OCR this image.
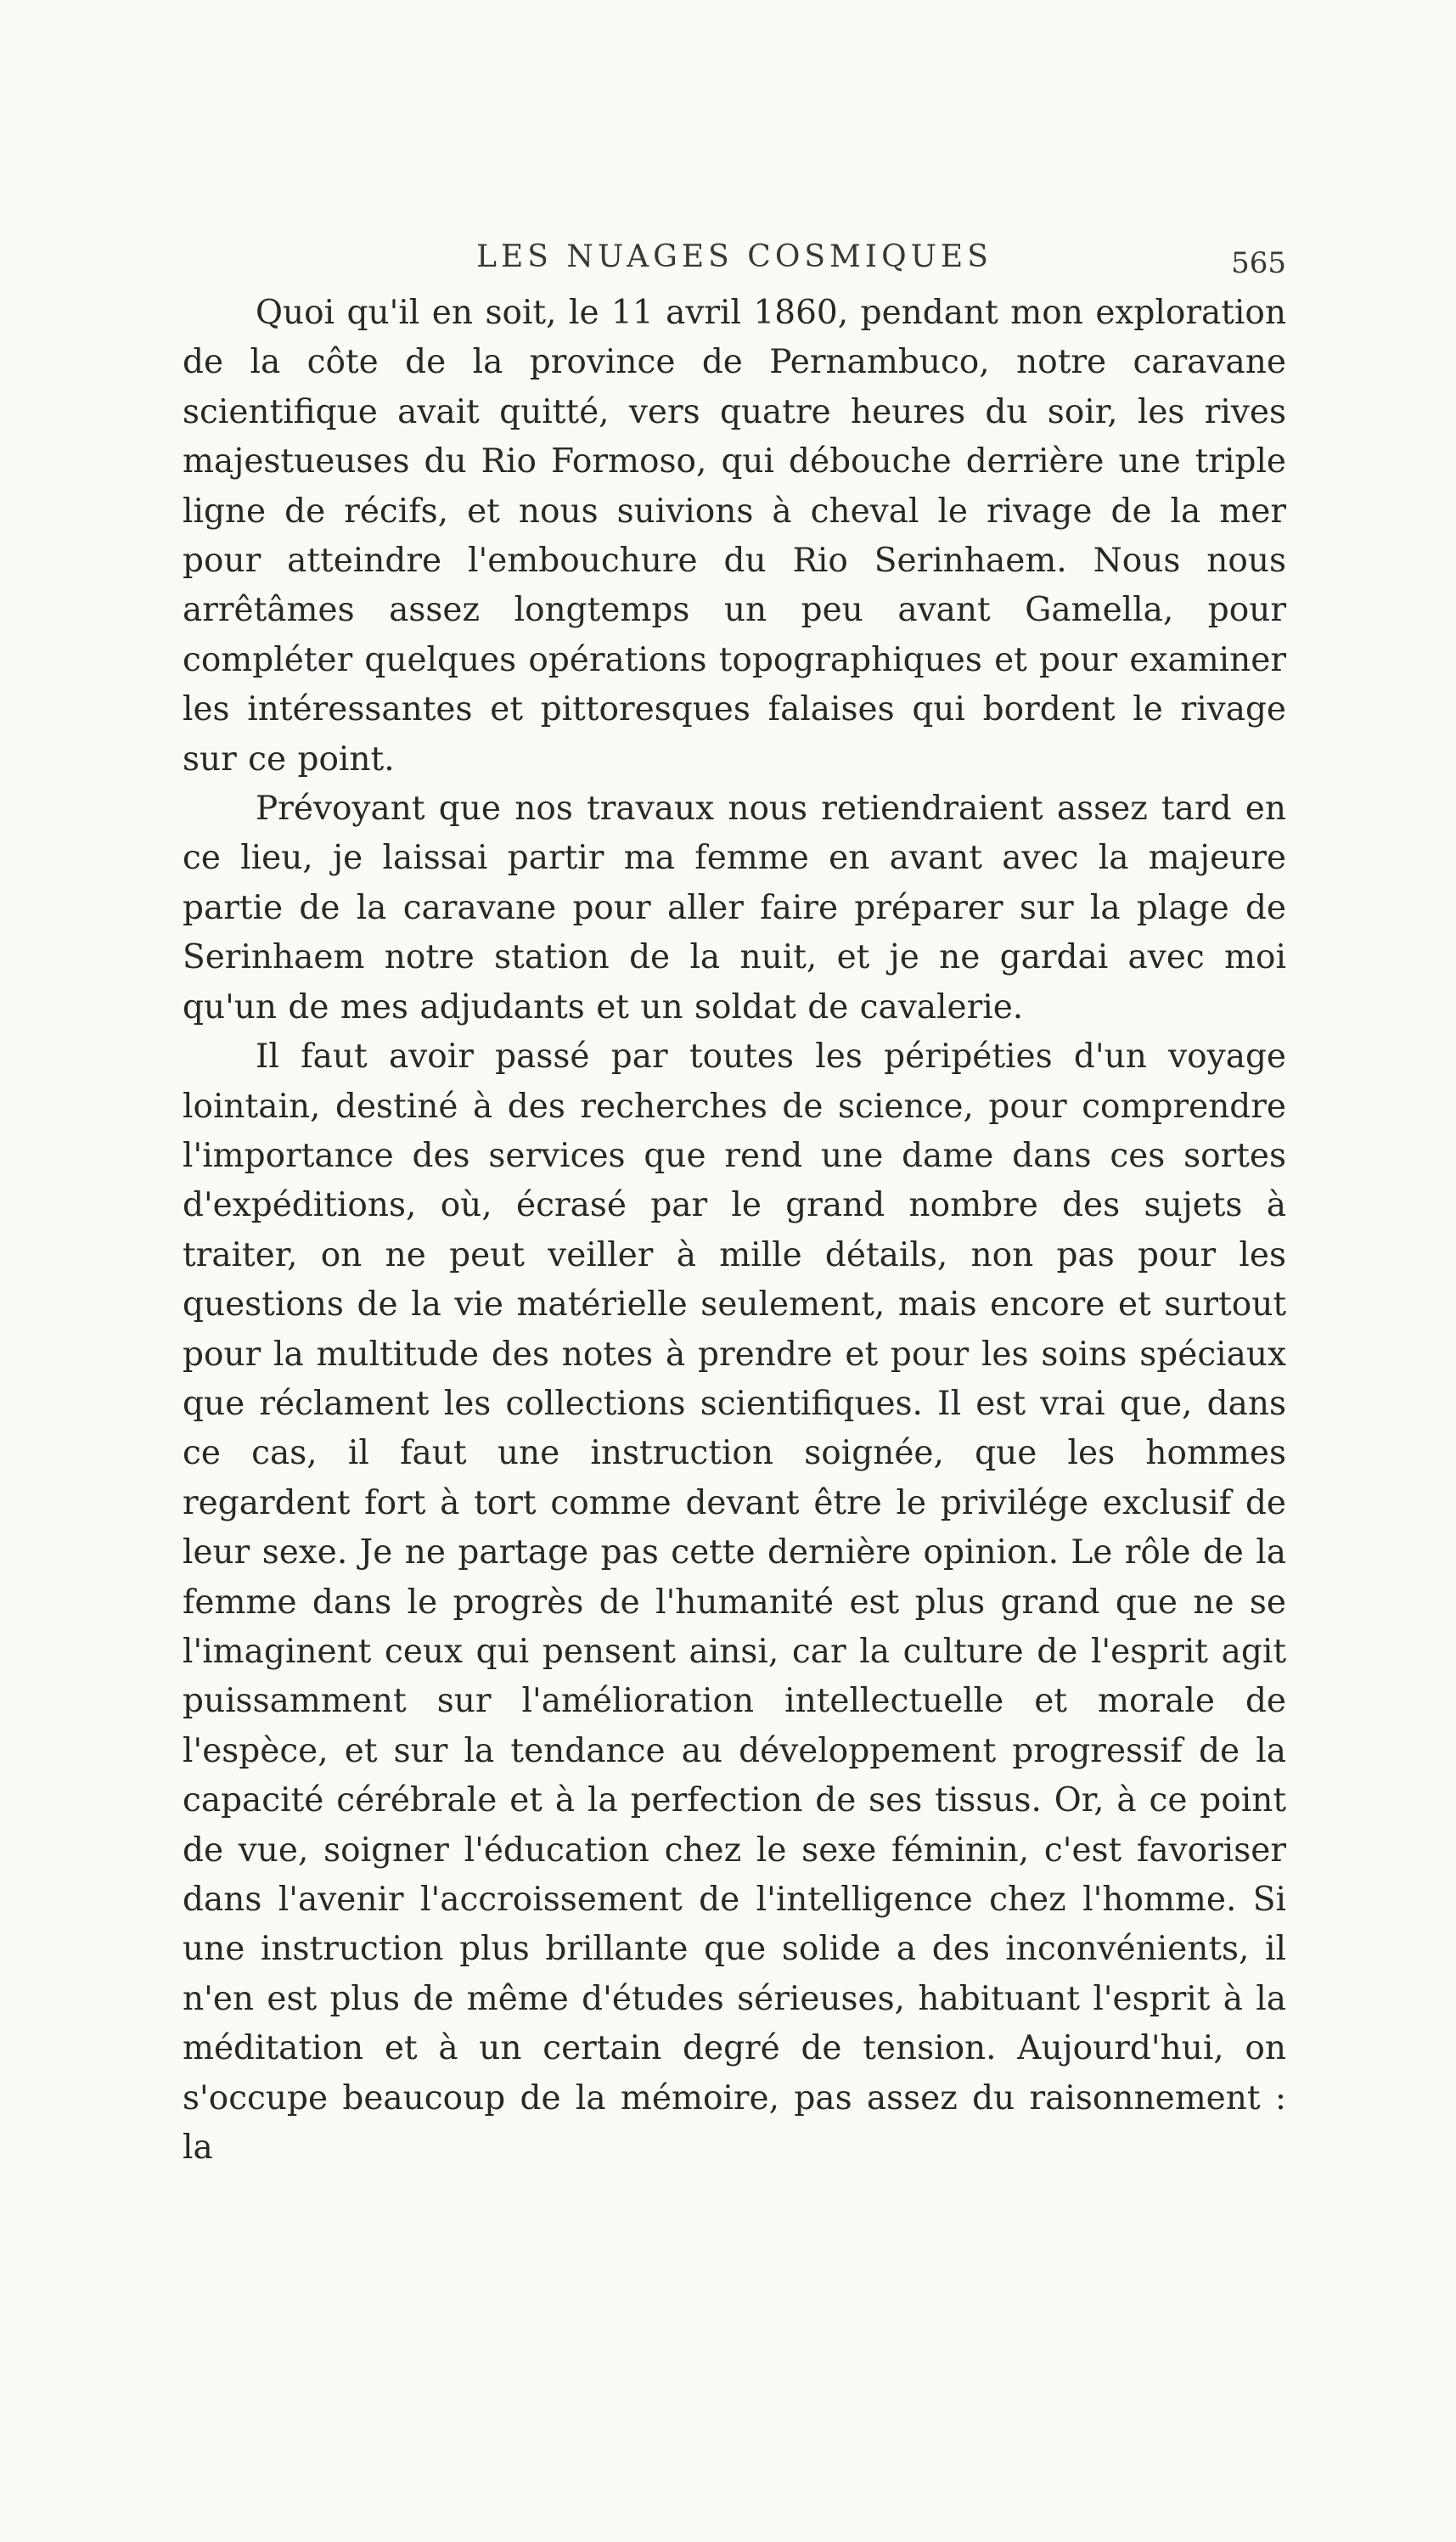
LES NUAGES COSMIQUES	565

Quoi qu'il en soit, le 11 avril 1860, pendant mon exploration de la côte de la province de Pernambuco, notre caravane scientifique avait quitté, vers quatre heures du soir, les rives majestueuses du Rio Formoso, qui débouche derrière une triple ligne de récifs, et nous suivions à cheval le rivage de la mer pour atteindre l'embouchure du Rio Serinhaem. Nous nous arrêtâmes assez longtemps un peu avant Gamella, pour compléter quelques opérations topographiques et pour examiner les intéressantes et pittoresques falaises qui bordent le rivage sur ce point.

Prévoyant que nos travaux nous retiendraient assez tard en ce lieu, je laissai partir ma femme en avant avec la majeure partie de la caravane pour aller faire préparer sur la plage de Serinhaem notre station de la nuit, et je ne gardai avec moi qu'un de mes adjudants et un soldat de cavalerie.

Il faut avoir passé par toutes les péripéties d'un voyage lointain, destiné à des recherches de science, pour comprendre l'importance des services que rend une dame dans ces sortes d'expéditions, où, écrasé par le grand nombre des sujets à traiter, on ne peut veiller à mille détails, non pas pour les questions de la vie matérielle seulement, mais encore et surtout pour la multitude des notes à prendre et pour les soins spéciaux que réclament les collections scientifiques. Il est vrai que, dans ce cas, il faut une instruction soignée, que les hommes regardent fort à tort comme devant être le privilége exclusif de leur sexe. Je ne partage pas cette dernière opinion. Le rôle de la femme dans le progrès de l'humanité est plus grand que ne se l'imaginent ceux qui pensent ainsi, car la culture de l'esprit agit puissamment sur l'amélioration intellectuelle et morale de l'espèce, et sur la tendance au développement progressif de la capacité cérébrale et à la perfection de ses tissus. Or, à ce point de vue, soigner l'éducation chez le sexe féminin, c'est favoriser dans l'avenir l'accroissement de l'intelligence chez l'homme. Si une instruction plus brillante que solide a des inconvénients, il n'en est plus de même d'études sérieuses, habituant l'esprit à la méditation et à un certain degré de tension. Aujourd'hui, on s'occupe beaucoup de la mémoire, pas assez du raisonnement : la
